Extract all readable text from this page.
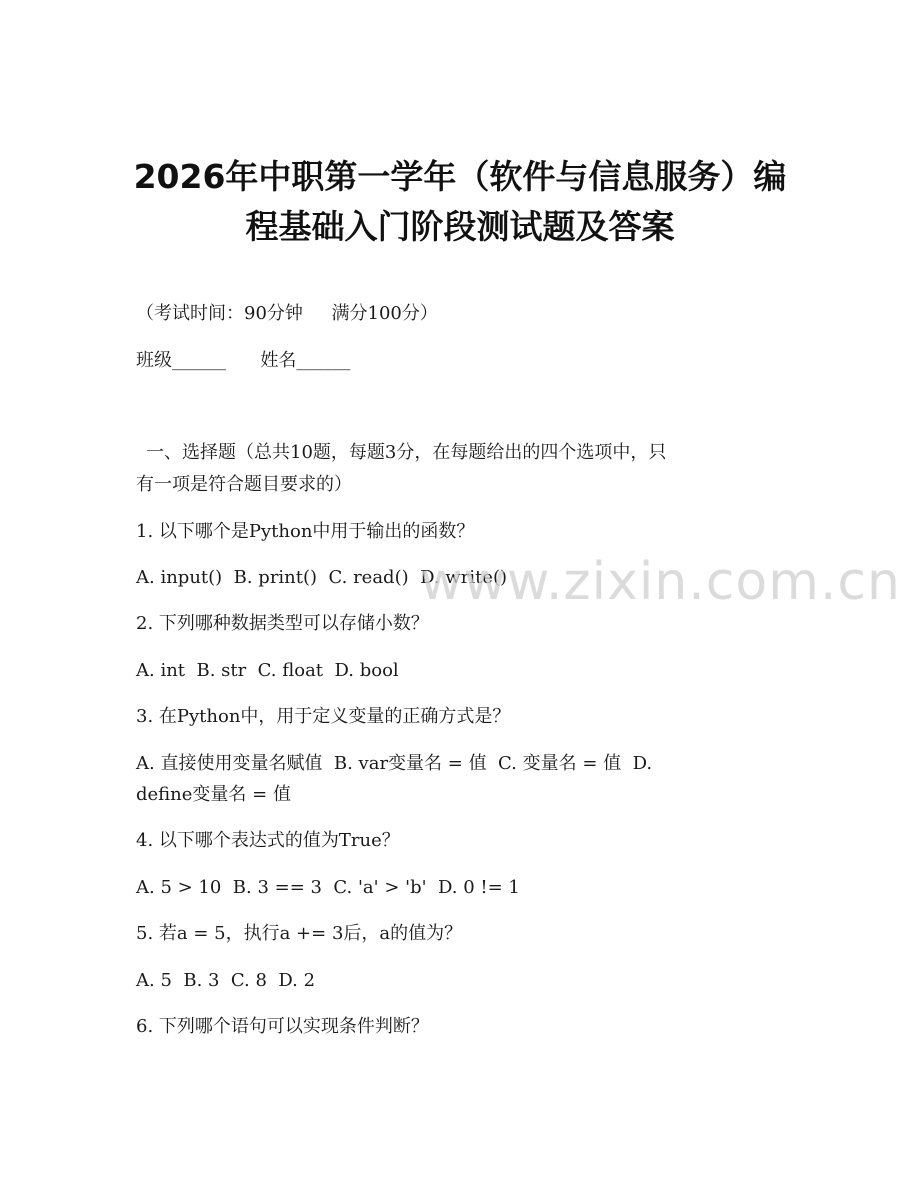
2026年中职第一学年（软件与信息服务）编
程基础入门阶段测试题及答案
（考试时间：90分钟     满分100分）
班级______      姓名______
一、选择题（总共10题，每题3分，在每题给出的四个选项中，只
有一项是符合题目要求的）
1. 以下哪个是Python中用于输出的函数？
A. input()  B. print()  C. read()  D. write()
2. 下列哪种数据类型可以存储小数？
A. int  B. str  C. float  D. bool
3. 在Python中，用于定义变量的正确方式是？
A. 直接使用变量名赋值  B. var变量名 = 值  C. 变量名 = 值  D.
define变量名 = 值
4. 以下哪个表达式的值为True？
A. 5 > 10  B. 3 == 3  C. 'a' > 'b'  D. 0 != 1
5. 若a = 5，执行a += 3后，a的值为？
A. 5  B. 3  C. 8  D. 2
6. 下列哪个语句可以实现条件判断？
www.zixin.com.cn
